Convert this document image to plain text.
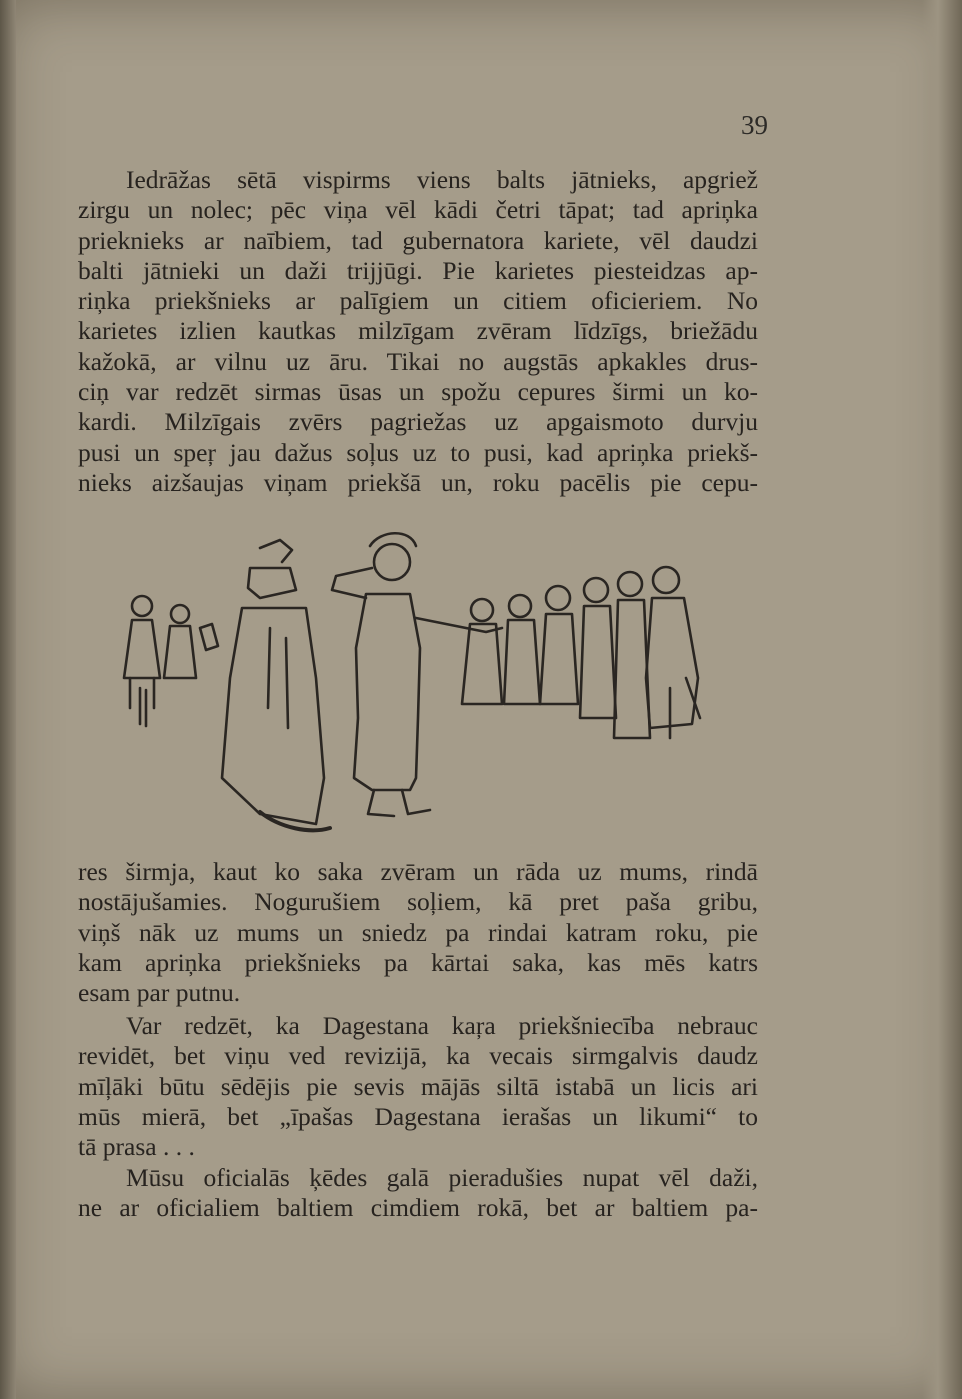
39
Iedrāžas sētā vispirms viens balts jātnieks, apgriež
zirgu un nolec; pēc viņa vēl kādi četri tāpat; tad apriņka
prieknieks ar naībiem, tad gubernatora kariete, vēl daudzi
balti jātnieki un daži trijjūgi. Pie karietes piesteidzas ap-
riņka priekšnieks ar palīgiem un citiem oficieriem. No
karietes izlien kautkas milzīgam zvēram līdzīgs, briežādu
kažokā, ar vilnu uz āru. Tikai no augstās apkakles drus-
ciņ var redzēt sirmas ūsas un spožu cepures širmi un ko-
kardi. Milzīgais zvērs pagriežas uz apgaismoto durvju
pusi un speŗ jau dažus soļus uz to pusi, kad apriņka priekš-
nieks aizšaujas viņam priekšā un, roku pacēlis pie cepu-
res širmja, kaut ko saka zvēram un rāda uz mums, rindā
nostājušamies. Nogurušiem soļiem, kā pret paša gribu,
viņš nāk uz mums un sniedz pa rindai katram roku, pie
kam apriņka priekšnieks pa kārtai saka, kas mēs katrs
esam par putnu.
Var redzēt, ka Dagestana kaŗa priekšniecība nebrauc
revidēt, bet viņu ved revizijā, ka vecais sirmgalvis daudz
mīļāki būtu sēdējis pie sevis mājās siltā istabā un licis ari
mūs mierā, bet „īpašas Dagestana ierašas un likumi“ to
tā prasa . . .
Mūsu oficialās ķēdes galā pieradušies nupat vēl daži,
ne ar oficialiem baltiem cimdiem rokā, bet ar baltiem pa-
